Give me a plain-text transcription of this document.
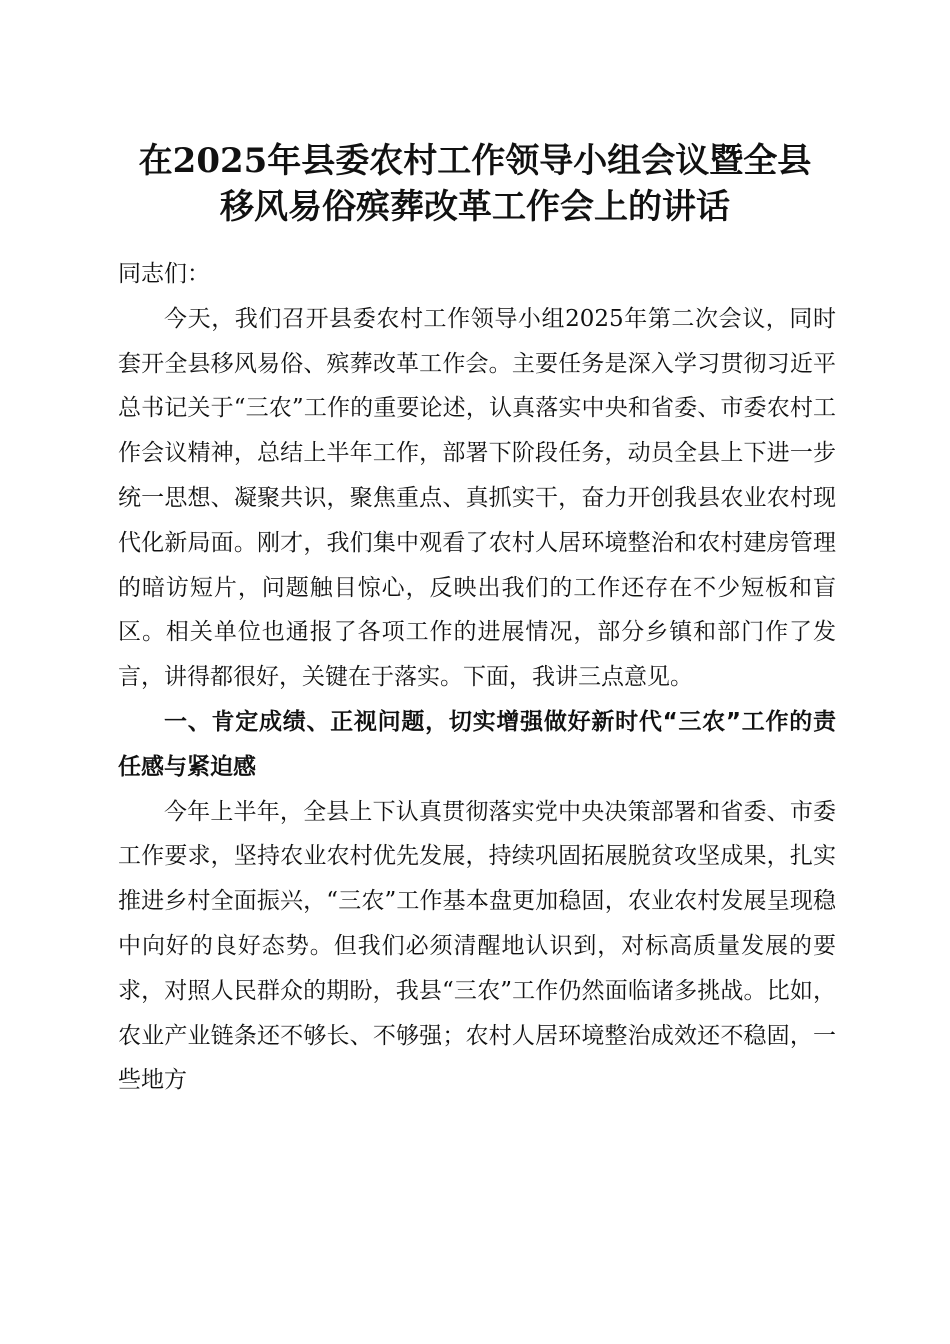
在2025年县委农村工作领导小组会议暨全县
移风易俗殡葬改革工作会上的讲话

同志们：

今天，我们召开县委农村工作领导小组2025年第二次会议，同时套开全县移风易俗、殡葬改革工作会。主要任务是深入学习贯彻习近平总书记关于“三农”工作的重要论述，认真落实中央和省委、市委农村工作会议精神，总结上半年工作，部署下阶段任务，动员全县上下进一步统一思想、凝聚共识，聚焦重点、真抓实干，奋力开创我县农业农村现代化新局面。刚才，我们集中观看了农村人居环境整治和农村建房管理的暗访短片，问题触目惊心，反映出我们的工作还存在不少短板和盲区。相关单位也通报了各项工作的进展情况，部分乡镇和部门作了发言，讲得都很好，关键在于落实。下面，我讲三点意见。

一、肯定成绩、正视问题，切实增强做好新时代“三农”工作的责任感与紧迫感

今年上半年，全县上下认真贯彻落实党中央决策部署和省委、市委工作要求，坚持农业农村优先发展，持续巩固拓展脱贫攻坚成果，扎实推进乡村全面振兴，“三农”工作基本盘更加稳固，农业农村发展呈现稳中向好的良好态势。但我们必须清醒地认识到，对标高质量发展的要求，对照人民群众的期盼，我县“三农”工作仍然面临诸多挑战。比如，农业产业链条还不够长、不够强；农村人居环境整治成效还不稳固，一些地方
